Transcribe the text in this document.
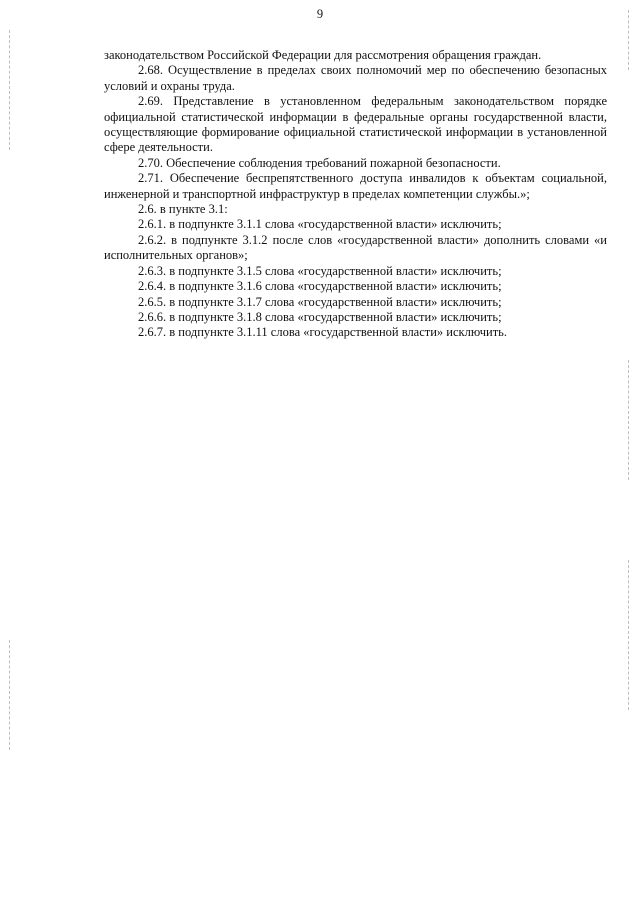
9

законодательством Российской Федерации для рассмотрения обращения граждан.

2.68. Осуществление в пределах своих полномочий мер по обеспечению безопасных условий и охраны труда.

2.69. Представление в установленном федеральным законодательством порядке официальной статистической информации в федеральные органы государственной власти, осуществляющие формирование официальной статистической информации в установленной сфере деятельности.

2.70. Обеспечение соблюдения требований пожарной безопасности.

2.71. Обеспечение беспрепятственного доступа инвалидов к объектам социальной, инженерной и транспортной инфраструктур в пределах компетенции службы.»;

2.6. в пункте 3.1:

2.6.1. в подпункте 3.1.1 слова «государственной власти» исключить;

2.6.2. в подпункте 3.1.2 после слов «государственной власти» дополнить словами «и исполнительных органов»;

2.6.3. в подпункте 3.1.5 слова «государственной власти» исключить;

2.6.4. в подпункте 3.1.6 слова «государственной власти» исключить;

2.6.5. в подпункте 3.1.7 слова «государственной власти» исключить;

2.6.6. в подпункте 3.1.8 слова «государственной власти» исключить;

2.6.7. в подпункте 3.1.11 слова «государственной власти» исключить.
